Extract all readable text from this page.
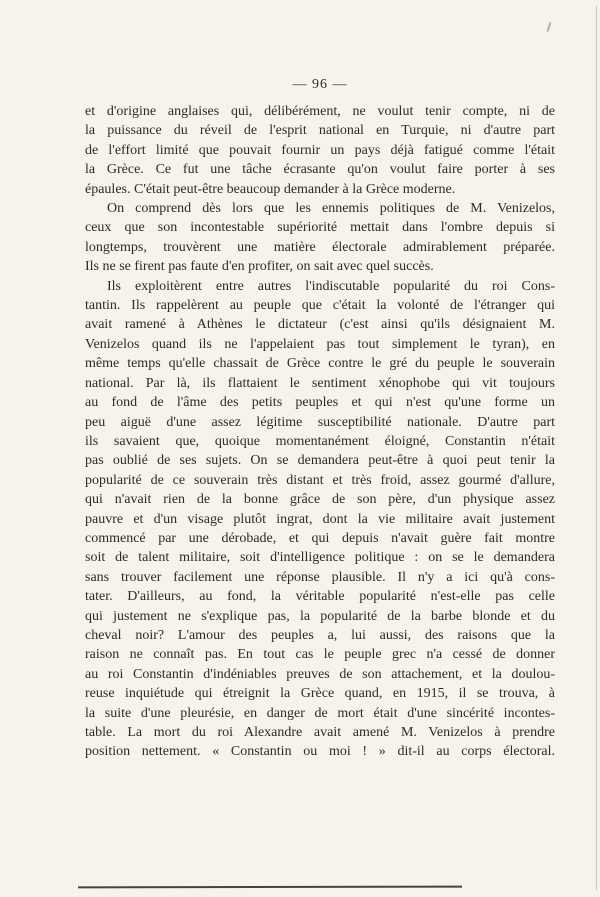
— 96 —
et d'origine anglaises qui, délibérément, ne voulut tenir compte, ni de
la puissance du réveil de l'esprit national en Turquie, ni d'autre part
de l'effort limité que pouvait fournir un pays déjà fatigué comme l'était
la Grèce. Ce fut une tâche écrasante qu'on voulut faire porter à ses
épaules. C'était peut-être beaucoup demander à la Grèce moderne.
On comprend dès lors que les ennemis politiques de M. Venizelos,
ceux que son incontestable supériorité mettait dans l'ombre depuis si
longtemps, trouvèrent une matière électorale admirablement préparée.
Ils ne se firent pas faute d'en profiter, on sait avec quel succès.
Ils exploitèrent entre autres l'indiscutable popularité du roi Cons-
tantin. Ils rappelèrent au peuple que c'était la volonté de l'étranger qui
avait ramené à Athènes le dictateur (c'est ainsi qu'ils désignaient M.
Venizelos quand ils ne l'appelaient pas tout simplement le tyran), en
même temps qu'elle chassait de Grèce contre le gré du peuple le souverain
national. Par là, ils flattaient le sentiment xénophobe qui vit toujours
au fond de l'âme des petits peuples et qui n'est qu'une forme un
peu aiguë d'une assez légitime susceptibilité nationale. D'autre part
ils savaient que, quoique momentanément éloigné, Constantin n'était
pas oublié de ses sujets. On se demandera peut-être à quoi peut tenir la
popularité de ce souverain très distant et très froid, assez gourmé d'allure,
qui n'avait rien de la bonne grâce de son père, d'un physique assez
pauvre et d'un visage plutôt ingrat, dont la vie militaire avait justement
commencé par une dérobade, et qui depuis n'avait guère fait montre
soit de talent militaire, soit d'intelligence politique : on se le demandera
sans trouver facilement une réponse plausible. Il n'y a ici qu'à cons-
tater. D'ailleurs, au fond, la véritable popularité n'est-elle pas celle
qui justement ne s'explique pas, la popularité de la barbe blonde et du
cheval noir? L'amour des peuples a, lui aussi, des raisons que la
raison ne connaît pas. En tout cas le peuple grec n'a cessé de donner
au roi Constantin d'indéniables preuves de son attachement, et la doulou-
reuse inquiétude qui étreignit la Grèce quand, en 1915, il se trouva, à
la suite d'une pleurésie, en danger de mort était d'une sincérité incontes-
table. La mort du roi Alexandre avait amené M. Venizelos à prendre
position nettement. « Constantin ou moi ! » dit-il au corps électoral.
